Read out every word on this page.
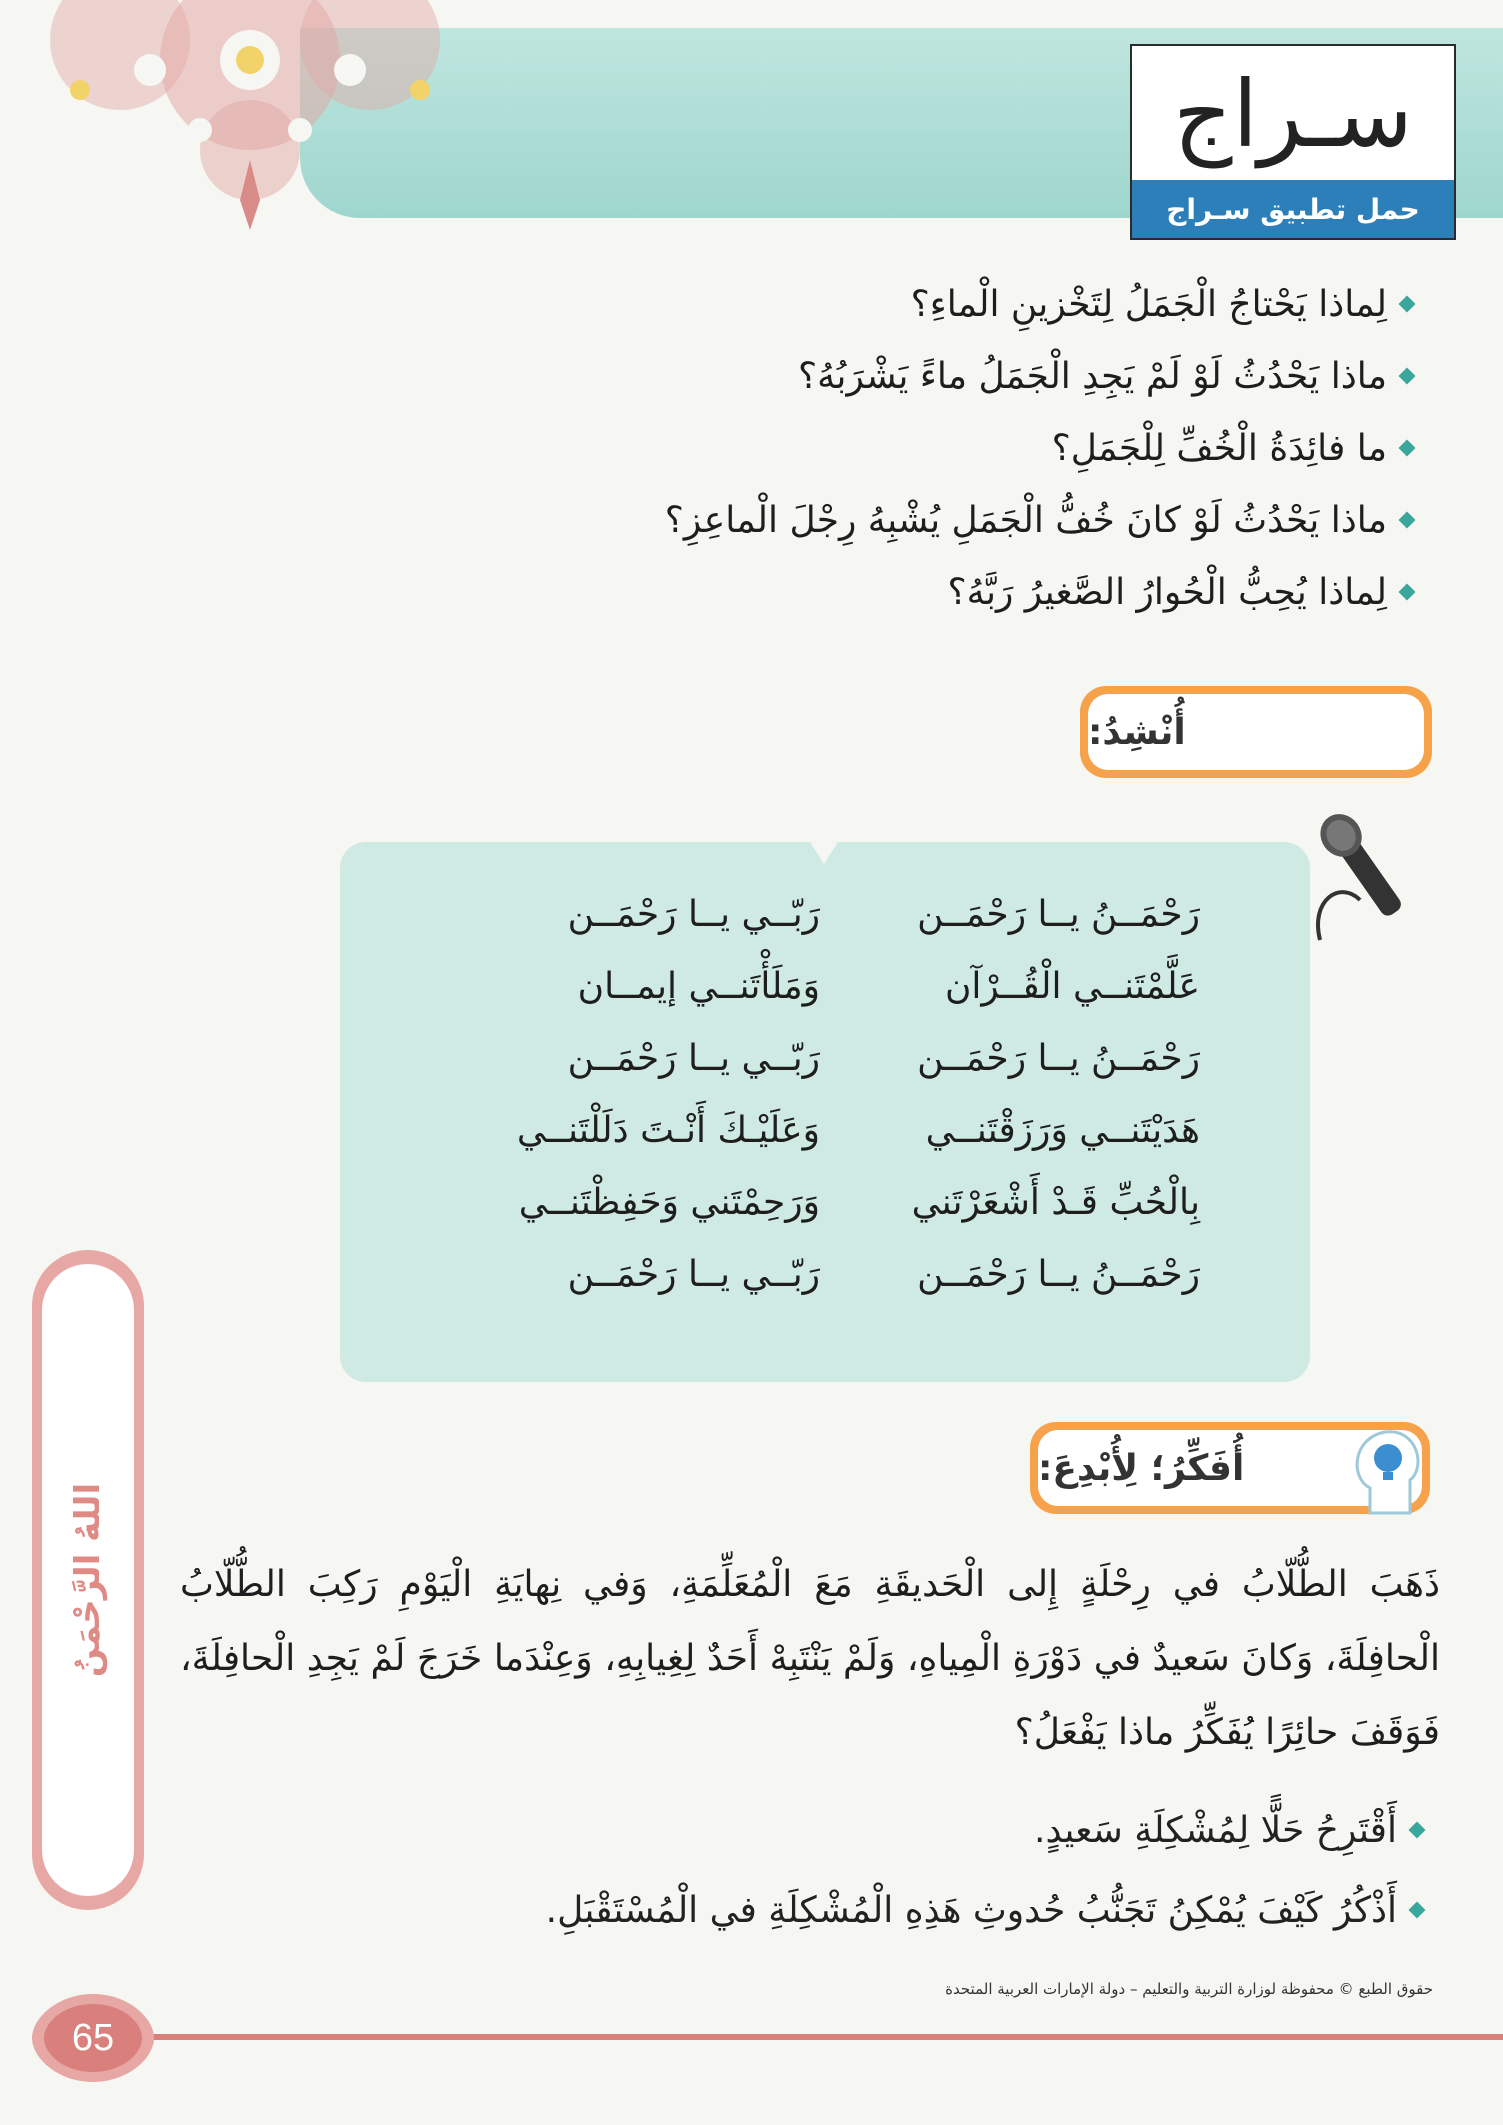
سـراج
حمل تطبيق سـراج
لِماذا يَحْتاجُ الْجَمَلُ لِتَخْزينِ الْماءِ؟
ماذا يَحْدُثُ لَوْ لَمْ يَجِدِ الْجَمَلُ ماءً يَشْرَبُهُ؟
ما فائِدَةُ الْخُفِّ لِلْجَمَلِ؟
ماذا يَحْدُثُ لَوْ كانَ خُفُّ الْجَمَلِ يُشْبِهُ رِجْلَ الْماعِزِ؟
لِماذا يُحِبُّ الْحُوارُ الصَّغيرُ رَبَّهُ؟
أُنْشِدُ:
رَحْمَــنُ يــا رَحْمَــن
عَلَّمْتَنــي الْقُــرْآن
رَحْمَــنُ يــا رَحْمَــن
هَدَيْتَنــي وَرَزَقْتَنــي
بِالْحُبِّ قَـدْ أَشْعَرْتَني
رَحْمَــنُ يــا رَحْمَــن
رَبّــي يــا رَحْمَــن
وَمَلَأْتَنــي إيمــان
رَبّــي يــا رَحْمَــن
وَعَلَيْـكَ أَنْـتَ دَلَلْتَنــي
وَرَحِمْتَني وَحَفِظْتَنــي
رَبّــي يــا رَحْمَــن
أُفَكِّرُ؛ لِأُبْدِعَ:
ذَهَبَ الطُّلّابُ في رِحْلَةٍ إِلى الْحَديقَةِ مَعَ الْمُعَلِّمَةِ، وَفي نِهايَةِ الْيَوْمِ رَكِبَ الطُّلّابُ الْحافِلَةَ، وَكانَ سَعيدٌ في دَوْرَةِ الْمِياهِ، وَلَمْ يَنْتَبِهْ أَحَدٌ لِغِيابِهِ، وَعِنْدَما خَرَجَ لَمْ يَجِدِ الْحافِلَةَ، فَوَقَفَ حائِرًا يُفَكِّرُ ماذا يَفْعَلُ؟
أَقْتَرِحُ حَلًّا لِمُشْكِلَةِ سَعيدٍ.
أَذْكُرُ كَيْفَ يُمْكِنُ تَجَنُّبُ حُدوثِ هَذِهِ الْمُشْكِلَةِ في الْمُسْتَقْبَلِ.
اللهُ الرَّحْمَنُ
حقوق الطبع © محفوظة لوزارة التربية والتعليم – دولة الإمارات العربية المتحدة
65
